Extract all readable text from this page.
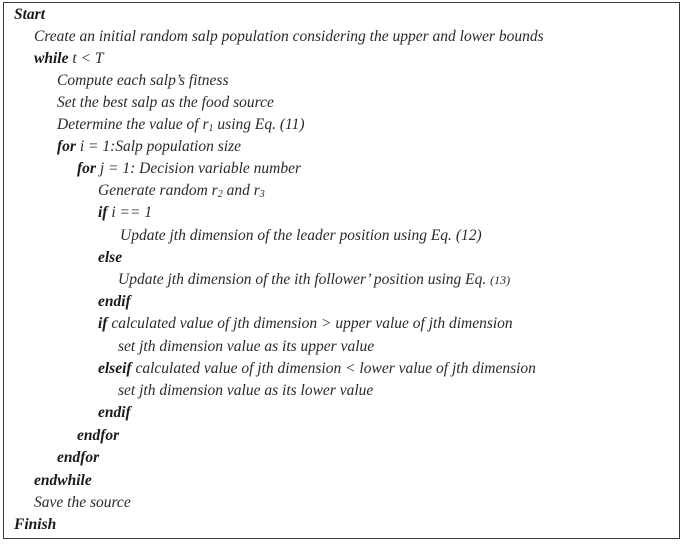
Start
Create an initial random salp population considering the upper and lower bounds
while t < T
Compute each salp’s fitness
Set the best salp as the food source
Determine the value of $r_1$ using Eq. (11)
for i = 1:Salp population size
for j = 1: Decision variable number
Generate random $r_2$ and $r_3$
if i == 1
Update jth dimension of the leader position using Eq. (12)
else
Update jth dimension of the ith follower’ position using Eq. (13)
endif
if calculated value of jth dimension > upper value of jth dimension
set jth dimension value as its upper value
elseif calculated value of jth dimension < lower value of jth dimension
set jth dimension value as its lower value
endif
endfor
endfor
endwhile
Save the source
Finish
